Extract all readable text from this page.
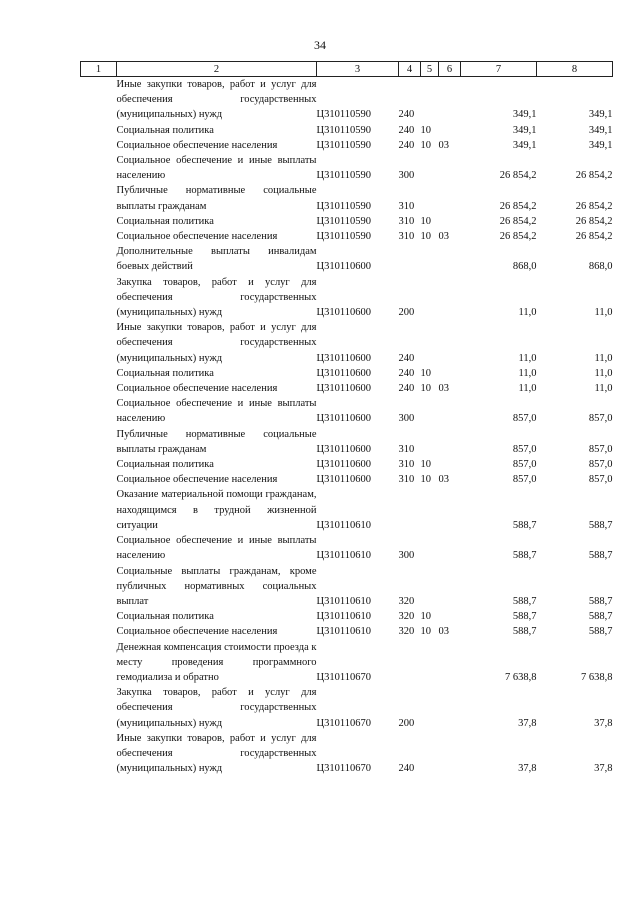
34
1	2	3	4	5	6	7	8
	Иные закупки товаров, работ и услуг для обеспечения государственных (муниципальных) нужд	Ц310110590	240			349,1	349,1
	Социальная политика	Ц310110590	240	10		349,1	349,1
	Социальное обеспечение населения	Ц310110590	240	10	03	349,1	349,1
	Социальное обеспечение и иные выплаты населению	Ц310110590	300			26 854,2	26 854,2
	Публичные нормативные социальные выплаты гражданам	Ц310110590	310			26 854,2	26 854,2
	Социальная политика	Ц310110590	310	10		26 854,2	26 854,2
	Социальное обеспечение населения	Ц310110590	310	10	03	26 854,2	26 854,2
	Дополнительные выплаты инвалидам боевых действий	Ц310110600				868,0	868,0
	Закупка товаров, работ и услуг для обеспечения государственных (муниципальных) нужд	Ц310110600	200			11,0	11,0
	Иные закупки товаров, работ и услуг для обеспечения государственных (муниципальных) нужд	Ц310110600	240			11,0	11,0
	Социальная политика	Ц310110600	240	10		11,0	11,0
	Социальное обеспечение населения	Ц310110600	240	10	03	11,0	11,0
	Социальное обеспечение и иные выплаты населению	Ц310110600	300			857,0	857,0
	Публичные нормативные социальные выплаты гражданам	Ц310110600	310			857,0	857,0
	Социальная политика	Ц310110600	310	10		857,0	857,0
	Социальное обеспечение населения	Ц310110600	310	10	03	857,0	857,0
	Оказание материальной помощи гражданам, находящимся в трудной жизненной ситуации	Ц310110610				588,7	588,7
	Социальное обеспечение и иные выплаты населению	Ц310110610	300			588,7	588,7
	Социальные выплаты гражданам, кроме публичных нормативных социальных выплат	Ц310110610	320			588,7	588,7
	Социальная политика	Ц310110610	320	10		588,7	588,7
	Социальное обеспечение населения	Ц310110610	320	10	03	588,7	588,7
	Денежная компенсация стоимости проезда к месту проведения программного гемодиализа и обратно	Ц310110670				7 638,8	7 638,8
	Закупка товаров, работ и услуг для обеспечения государственных (муниципальных) нужд	Ц310110670	200			37,8	37,8
	Иные закупки товаров, работ и услуг для обеспечения государственных (муниципальных) нужд	Ц310110670	240			37,8	37,8
